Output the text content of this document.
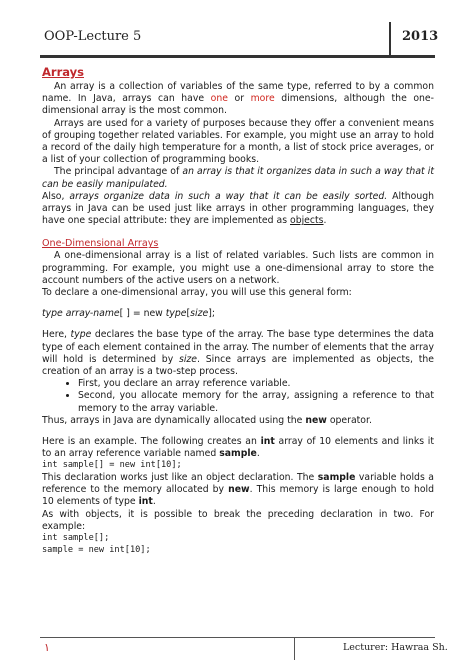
OOP-Lecture 5	2013

Arrays

An array is a collection of variables of the same type, referred to by a common name. In Java, arrays can have one or more dimensions, although the one-dimensional array is the most common.

Arrays are used for a variety of purposes because they offer a convenient means of grouping together related variables. For example, you might use an array to hold a record of the daily high temperature for a month, a list of stock price averages, or a list of your collection of programming books.

The principal advantage of an array is that it organizes data in such a way that it can be easily manipulated.

Also, arrays organize data in such a way that it can be easily sorted. Although arrays in Java can be used just like arrays in other programming languages, they have one special attribute: they are implemented as objects.

One-Dimensional Arrays

A one-dimensional array is a list of related variables. Such lists are common in programming. For example, you might use a one-dimensional array to store the account numbers of the active users on a network.

To declare a one-dimensional array, you will use this general form:

type array-name[ ] = new type[size];

Here, type declares the base type of the array. The base type determines the data type of each element contained in the array. The number of elements that the array will hold is determined by size. Since arrays are implemented as objects, the creation of an array is a two-step process.

• First, you declare an array reference variable.
• Second, you allocate memory for the array, assigning a reference to that memory to the array variable.

Thus, arrays in Java are dynamically allocated using the new operator.

Here is an example. The following creates an int array of 10 elements and links it to an array reference variable named sample.

int sample[] = new int[10];

This declaration works just like an object declaration. The sample variable holds a reference to the memory allocated by new. This memory is large enough to hold 10 elements of type int.

As with objects, it is possible to break the preceding declaration in two. For example:

int sample[];
sample = new int[10];
١	Lecturer: Hawraa Sh.
